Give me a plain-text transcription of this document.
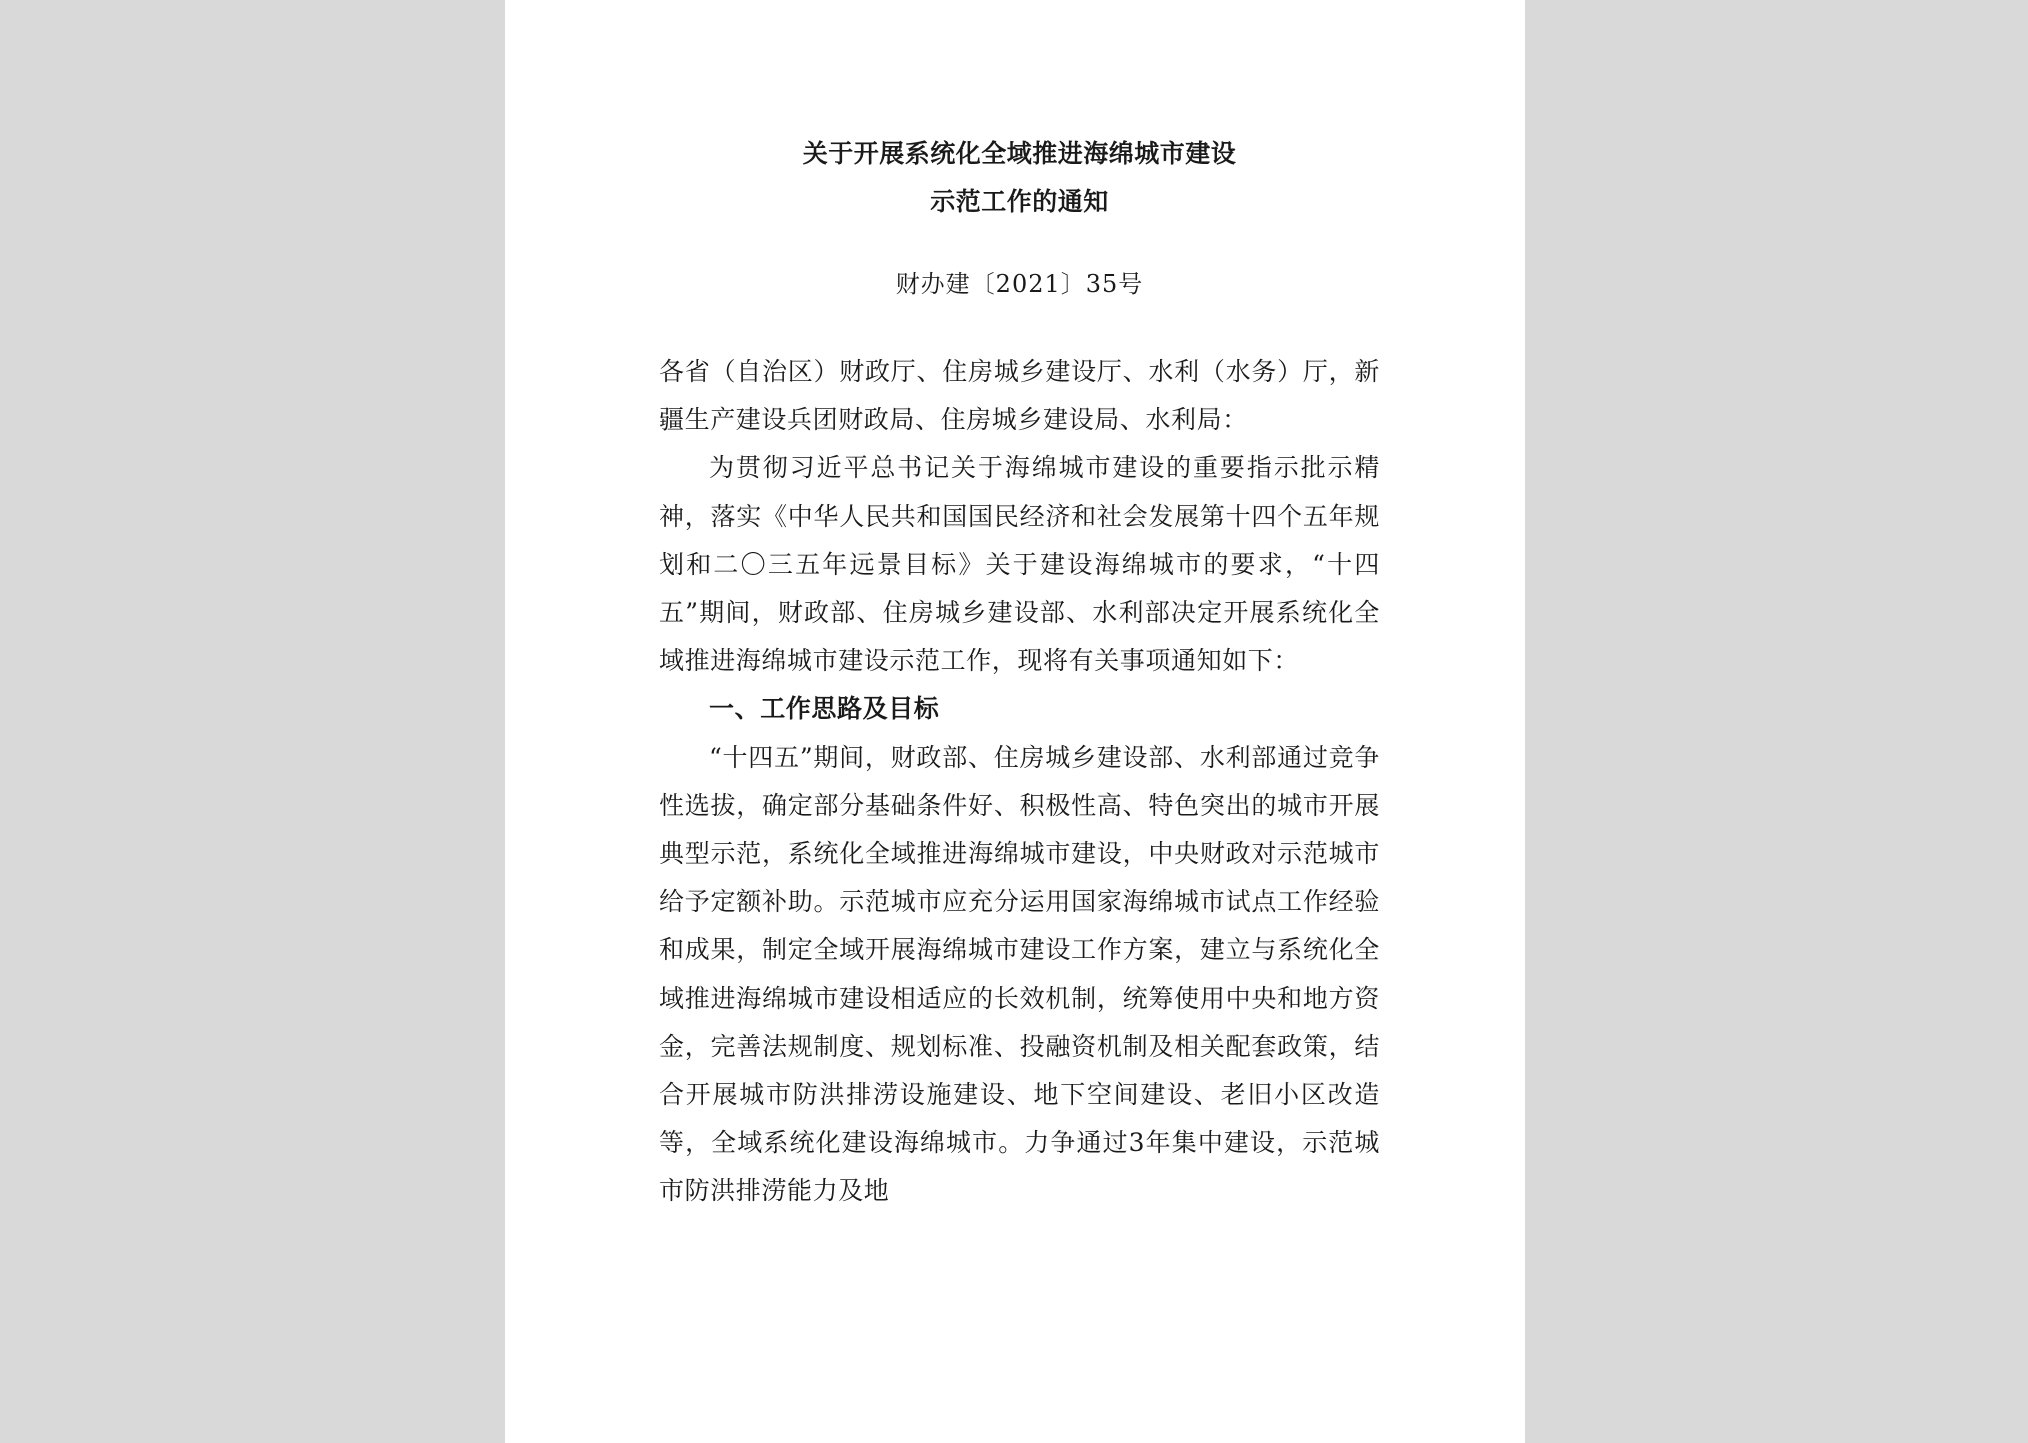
关于开展系统化全域推进海绵城市建设
示范工作的通知

财办建〔2021〕35号

各省（自治区）财政厅、住房城乡建设厅、水利（水务）厅，新疆生产建设兵团财政局、住房城乡建设局、水利局：

为贯彻习近平总书记关于海绵城市建设的重要指示批示精神，落实《中华人民共和国国民经济和社会发展第十四个五年规划和二〇三五年远景目标》关于建设海绵城市的要求，“十四五”期间，财政部、住房城乡建设部、水利部决定开展系统化全域推进海绵城市建设示范工作，现将有关事项通知如下：

一、工作思路及目标

“十四五”期间，财政部、住房城乡建设部、水利部通过竞争性选拔，确定部分基础条件好、积极性高、特色突出的城市开展典型示范，系统化全域推进海绵城市建设，中央财政对示范城市给予定额补助。示范城市应充分运用国家海绵城市试点工作经验和成果，制定全域开展海绵城市建设工作方案，建立与系统化全域推进海绵城市建设相适应的长效机制，统筹使用中央和地方资金，完善法规制度、规划标准、投融资机制及相关配套政策，结合开展城市防洪排涝设施建设、地下空间建设、老旧小区改造等，全域系统化建设海绵城市。力争通过3年集中建设，示范城市防洪排涝能力及地
